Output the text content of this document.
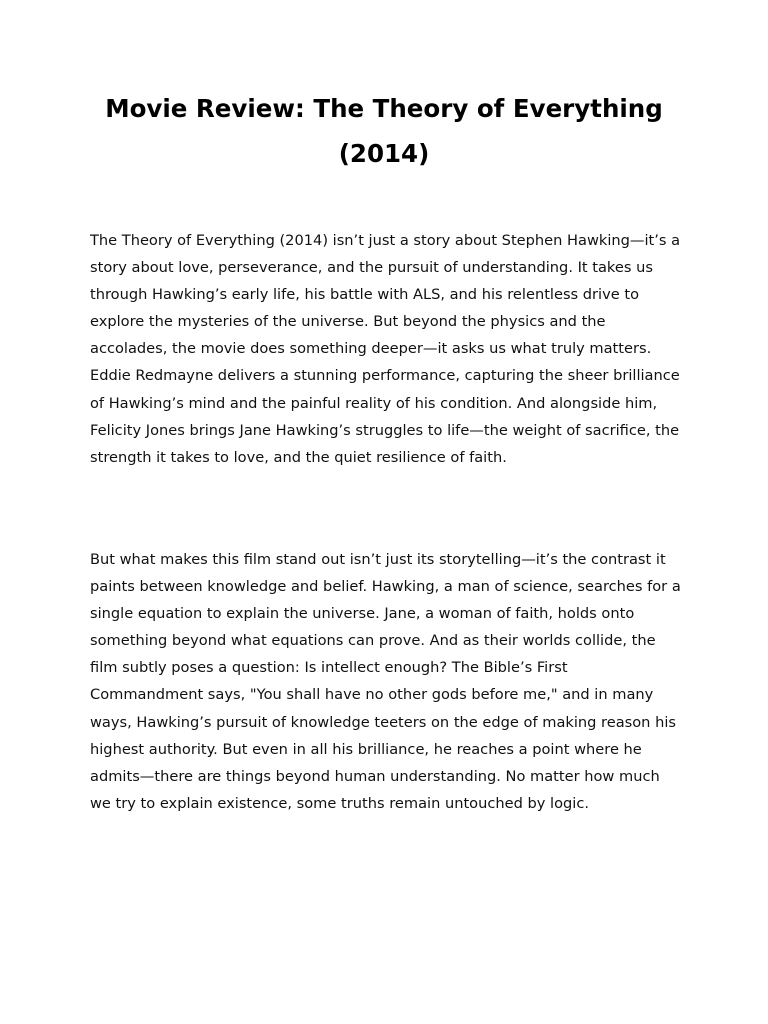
Movie Review: The Theory of Everything (2014)

The Theory of Everything (2014) isn’t just a story about Stephen Hawking—it’s a story about love, perseverance, and the pursuit of understanding. It takes us through Hawking’s early life, his battle with ALS, and his relentless drive to explore the mysteries of the universe. But beyond the physics and the accolades, the movie does something deeper—it asks us what truly matters. Eddie Redmayne delivers a stunning performance, capturing the sheer brilliance of Hawking’s mind and the painful reality of his condition. And alongside him, Felicity Jones brings Jane Hawking’s struggles to life—the weight of sacrifice, the strength it takes to love, and the quiet resilience of faith.

But what makes this film stand out isn’t just its storytelling—it’s the contrast it paints between knowledge and belief. Hawking, a man of science, searches for a single equation to explain the universe. Jane, a woman of faith, holds onto something beyond what equations can prove. And as their worlds collide, the film subtly poses a question: Is intellect enough? The Bible’s First Commandment says, "You shall have no other gods before me," and in many ways, Hawking’s pursuit of knowledge teeters on the edge of making reason his highest authority. But even in all his brilliance, he reaches a point where he admits—there are things beyond human understanding. No matter how much we try to explain existence, some truths remain untouched by logic.
